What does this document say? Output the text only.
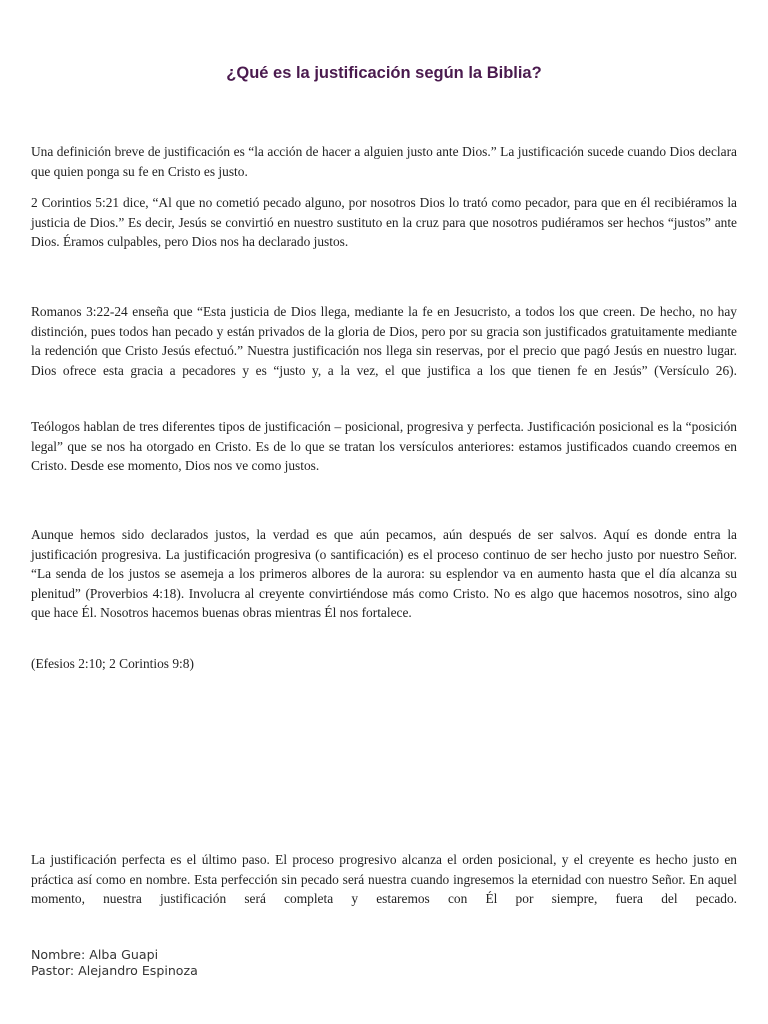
¿Qué es la justificación según la Biblia?

Una definición breve de justificación es “la acción de hacer a alguien justo ante Dios.” La justificación sucede cuando Dios declara que quien ponga su fe en Cristo es justo.

2 Corintios 5:21 dice, “Al que no cometió pecado alguno, por nosotros Dios lo trató como pecador, para que en él recibiéramos la justicia de Dios.” Es decir, Jesús se convirtió en nuestro sustituto en la cruz para que nosotros pudiéramos ser hechos “justos” ante Dios. Éramos culpables, pero Dios nos ha declarado justos.

Romanos 3:22-24 enseña que “Esta justicia de Dios llega, mediante la fe en Jesucristo, a todos los que creen. De hecho, no hay distinción, pues todos han pecado y están privados de la gloria de Dios, pero por su gracia son justificados gratuitamente mediante la redención que Cristo Jesús efectuó.” Nuestra justificación nos llega sin reservas, por el precio que pagó Jesús en nuestro lugar. Dios ofrece esta gracia a pecadores y es “justo y, a la vez, el que justifica a los que tienen fe en Jesús” (Versículo 26).

Teólogos hablan de tres diferentes tipos de justificación – posicional, progresiva y perfecta. Justificación posicional es la “posición legal” que se nos ha otorgado en Cristo. Es de lo que se tratan los versículos anteriores: estamos justificados cuando creemos en Cristo. Desde ese momento, Dios nos ve como justos.

Aunque hemos sido declarados justos, la verdad es que aún pecamos, aún después de ser salvos. Aquí es donde entra la justificación progresiva. La justificación progresiva (o santificación) es el proceso continuo de ser hecho justo por nuestro Señor. “La senda de los justos se asemeja a los primeros albores de la aurora: su esplendor va en aumento hasta que el día alcanza su plenitud” (Proverbios 4:18). Involucra al creyente convirtiéndose más como Cristo. No es algo que hacemos nosotros, sino algo que hace Él. Nosotros hacemos buenas obras mientras Él nos fortalece.

(Efesios 2:10; 2 Corintios 9:8)

La justificación perfecta es el último paso. El proceso progresivo alcanza el orden posicional, y el creyente es hecho justo en práctica así como en nombre. Esta perfección sin pecado será nuestra cuando ingresemos la eternidad con nuestro Señor. En aquel momento, nuestra justificación será completa y estaremos con Él por siempre, fuera del pecado.

Nombre: Alba Guapi

Pastor: Alejandro Espinoza
